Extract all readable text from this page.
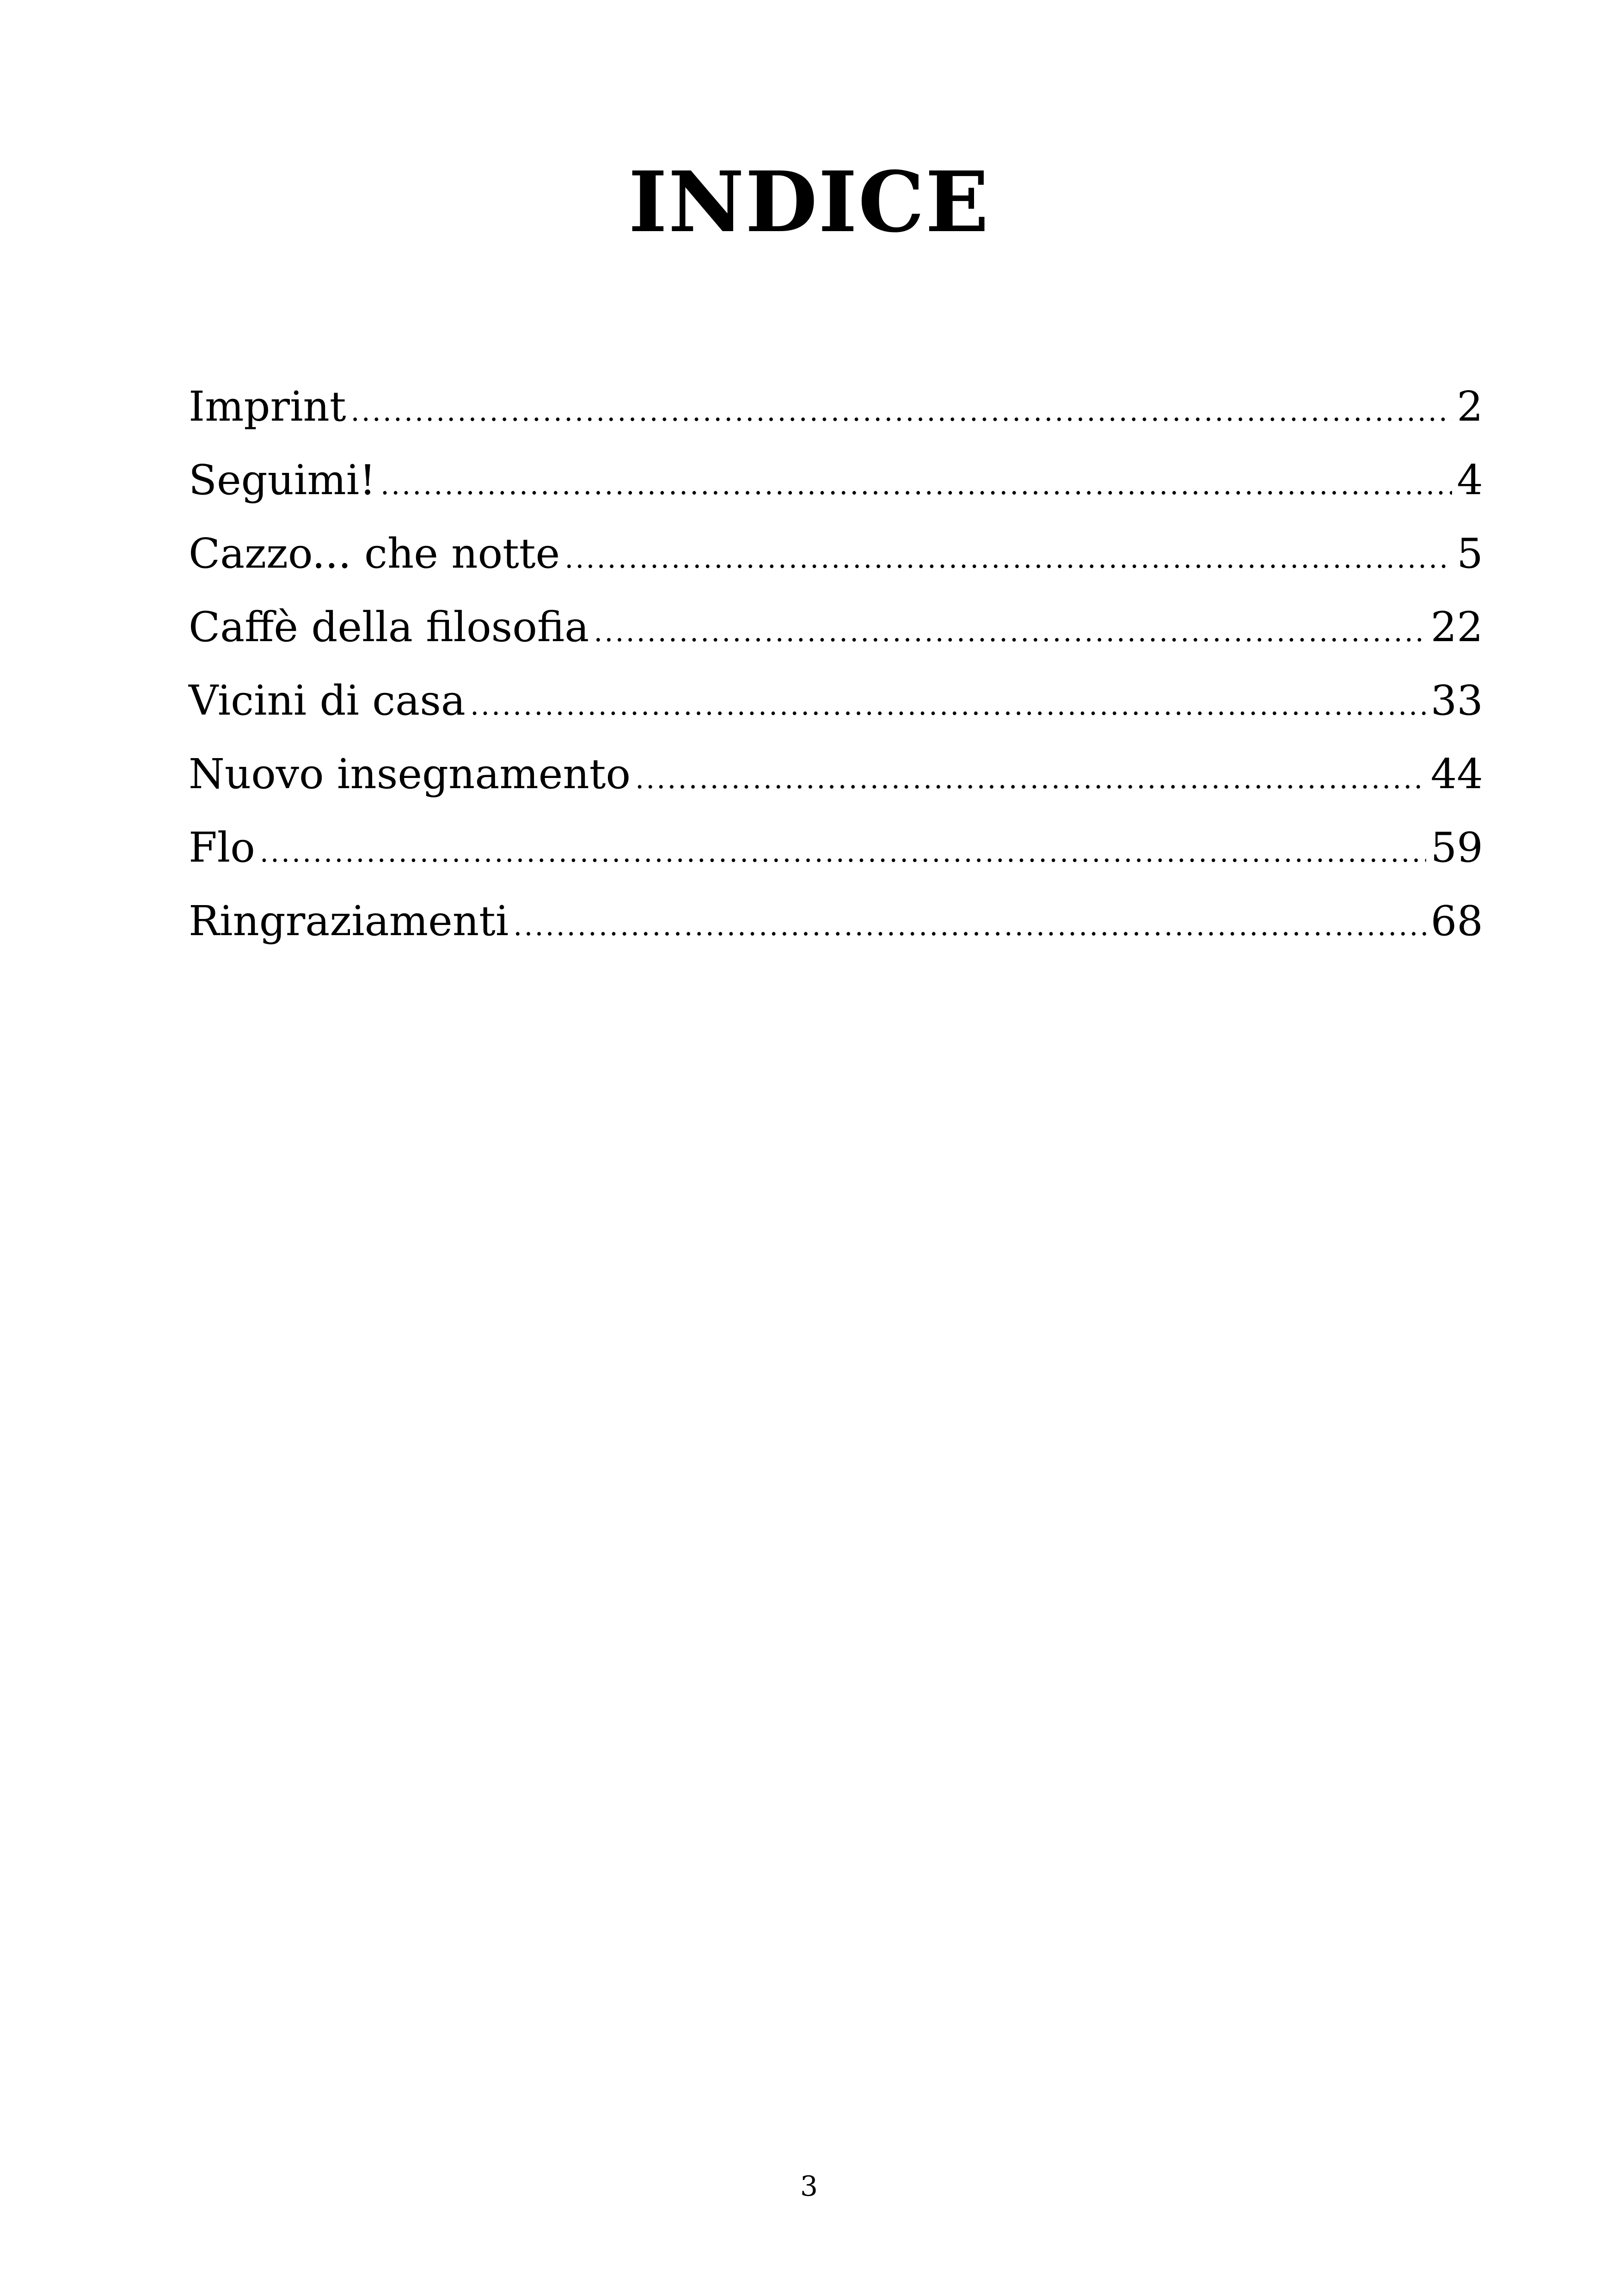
INDICE
Imprint .....	2
Seguimi! .....	4
Cazzo... che notte .....	5
Caffè della filosofia .....	22
Vicini di casa .....	33
Nuovo insegnamento .....	44
Flo .....	59
Ringraziamenti .....	68

3
